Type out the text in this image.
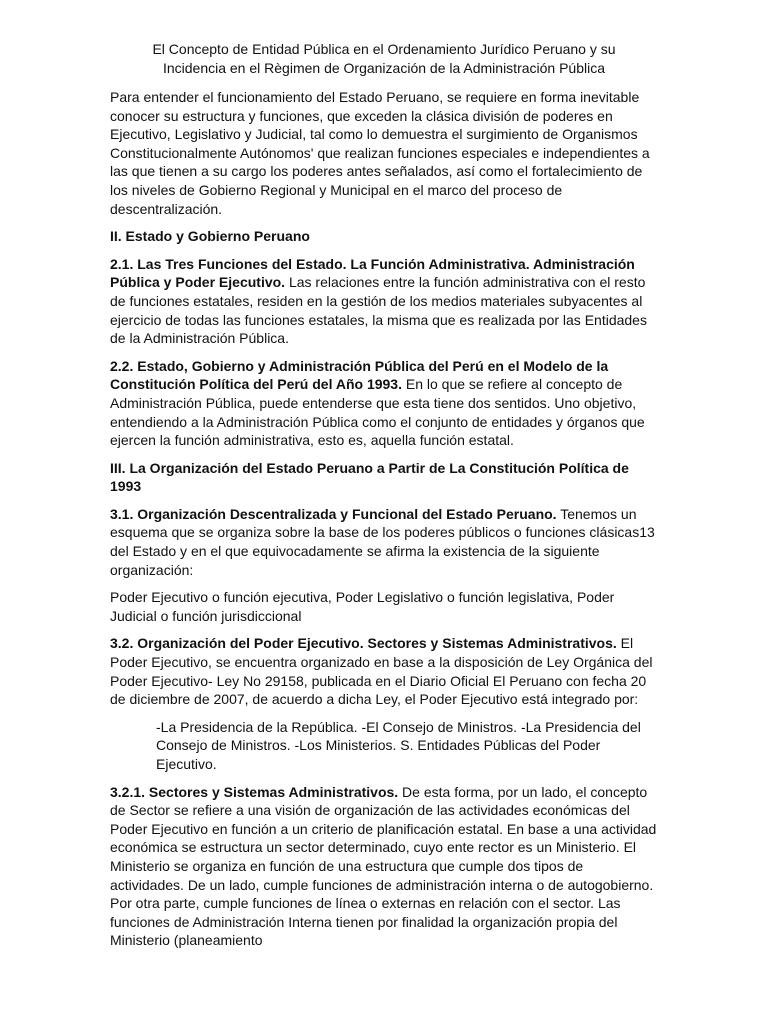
El Concepto de Entidad Pública en el Ordenamiento Jurídico Peruano y su
Incidencia en el Règimen de Organización de la Administración Pública

Para entender el funcionamiento del Estado Peruano, se requiere en forma inevitable conocer su estructura y funciones, que exceden la clásica división de poderes en Ejecutivo, Legislativo y Judicial, tal como lo demuestra el surgimiento de Organismos Constitucionalmente Autónomos' que realizan funciones especiales e independientes a las que tienen a su cargo los poderes antes señalados, así como el fortalecimiento de los niveles de Gobierno Regional y Municipal en el marco del proceso de descentralización.

II. Estado y Gobierno Peruano

2.1. Las Tres Funciones del Estado. La Función Administrativa. Administración Pública y Poder Ejecutivo. Las relaciones entre la función administrativa con el resto de funciones estatales, residen en la gestión de los medios materiales subyacentes al ejercicio de todas las funciones estatales, la misma que es realizada por las Entidades de la Administración Pública.

2.2. Estado, Gobierno y Administración Pública del Perú en el Modelo de la Constitución Política del Perú del Año 1993. En lo que se refiere al concepto de Administración Pública, puede entenderse que esta tiene dos sentidos. Uno objetivo, entendiendo a la Administración Pública como el conjunto de entidades y órganos que ejercen la función administrativa, esto es, aquella función estatal.

III. La Organización del Estado Peruano a Partir de La Constitución Política de 1993

3.1. Organización Descentralizada y Funcional del Estado Peruano. Tenemos un esquema que se organiza sobre la base de los poderes públicos o funciones clásicas13 del Estado y en el que equivocadamente se afirma la existencia de la siguiente organización:

Poder Ejecutivo o función ejecutiva, Poder Legislativo o función legislativa, Poder Judicial o función jurisdiccional

3.2. Organización del Poder Ejecutivo. Sectores y Sistemas Administrativos. El Poder Ejecutivo, se encuentra organizado en base a la disposición de Ley Orgánica del Poder Ejecutivo- Ley No 29158, publicada en el Diario Oficial El Peruano con fecha 20 de diciembre de 2007, de acuerdo a dicha Ley, el Poder Ejecutivo está integrado por:

-La Presidencia de la República. -El Consejo de Ministros. -La Presidencia del Consejo de Ministros. -Los Ministerios. S. Entidades Públicas del Poder Ejecutivo.

3.2.1. Sectores y Sistemas Administrativos. De esta forma, por un lado, el concepto de Sector se refiere a una visión de organización de las actividades económicas del Poder Ejecutivo en función a un criterio de planificación estatal. En base a una actividad económica se estructura un sector determinado, cuyo ente rector es un Ministerio. El Ministerio se organiza en función de una estructura que cumple dos tipos de actividades. De un lado, cumple funciones de administración interna o de autogobierno. Por otra parte, cumple funciones de línea o externas en relación con el sector. Las funciones de Administración Interna tienen por finalidad la organización propia del Ministerio (planeamiento
